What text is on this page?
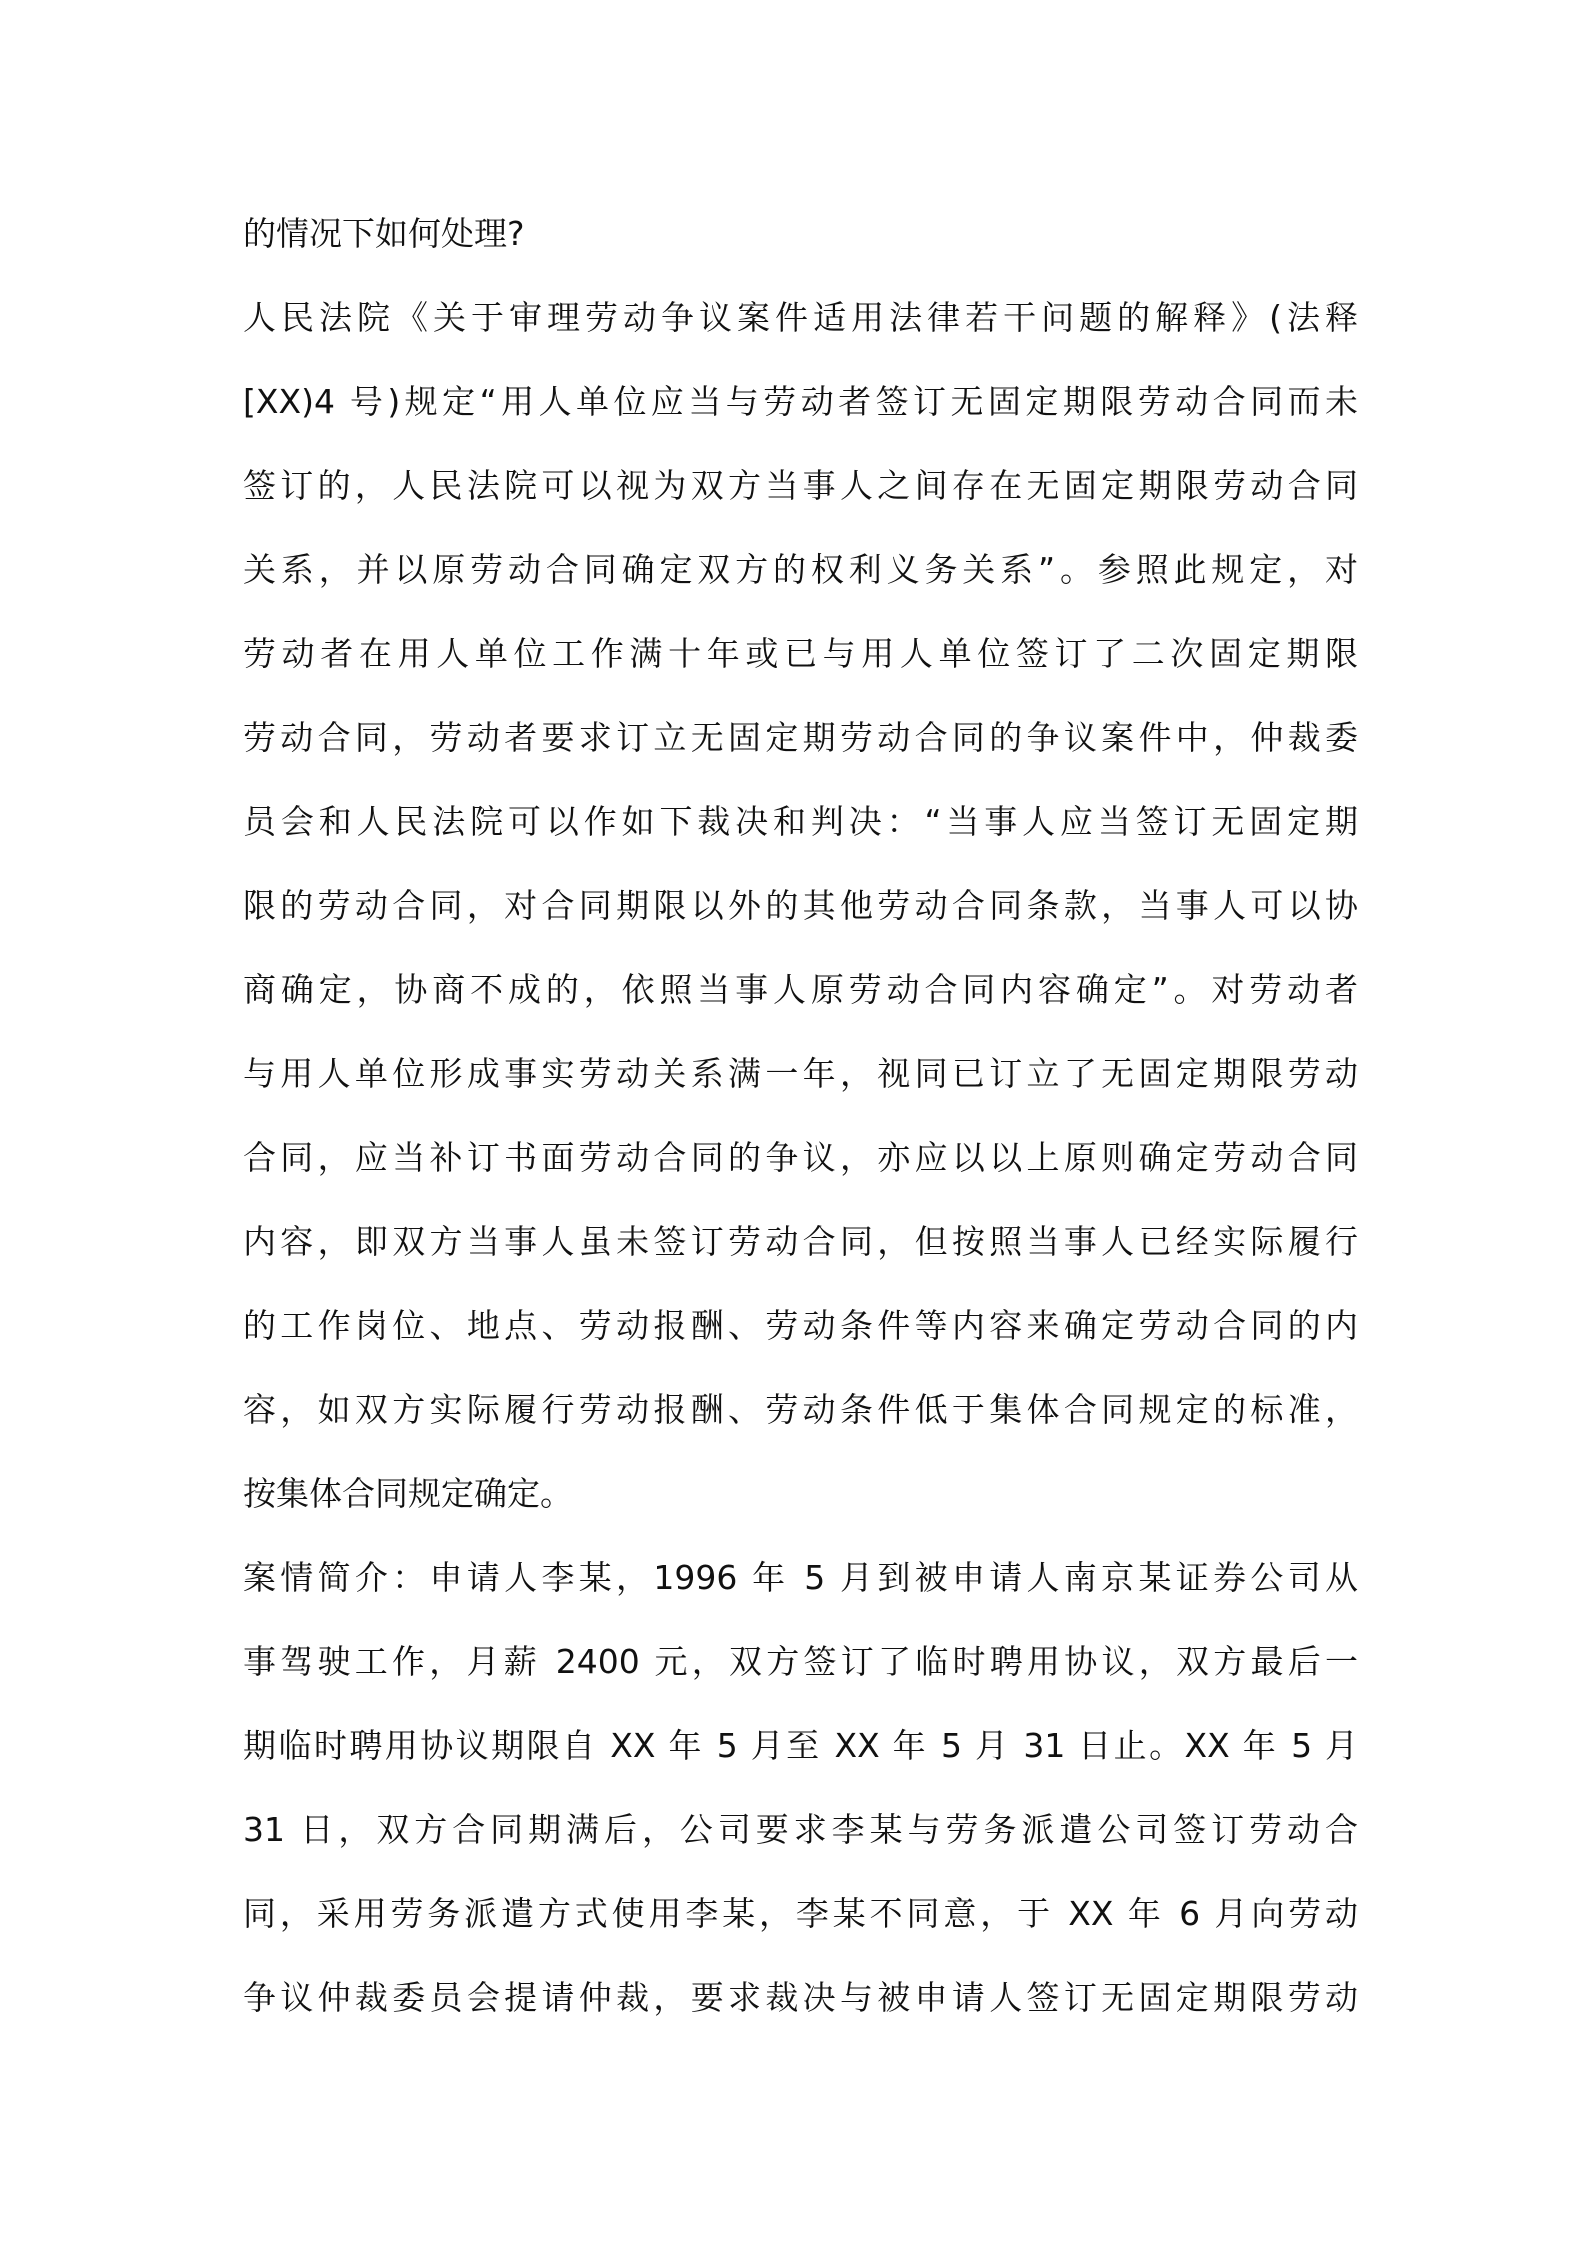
的情况下如何处理?
人民法院《关于审理劳动争议案件适用法律若干问题的解释》(法释
[XX)4 号)规定“用人单位应当与劳动者签订无固定期限劳动合同而未
签订的，人民法院可以视为双方当事人之间存在无固定期限劳动合同
关系，并以原劳动合同确定双方的权利义务关系”。参照此规定，对
劳动者在用人单位工作满十年或已与用人单位签订了二次固定期限
劳动合同，劳动者要求订立无固定期劳动合同的争议案件中，仲裁委
员会和人民法院可以作如下裁决和判决：“当事人应当签订无固定期
限的劳动合同，对合同期限以外的其他劳动合同条款，当事人可以协
商确定，协商不成的，依照当事人原劳动合同内容确定”。对劳动者
与用人单位形成事实劳动关系满一年，视同已订立了无固定期限劳动
合同，应当补订书面劳动合同的争议，亦应以以上原则确定劳动合同
内容，即双方当事人虽未签订劳动合同，但按照当事人已经实际履行
的工作岗位、地点、劳动报酬、劳动条件等内容来确定劳动合同的内
容，如双方实际履行劳动报酬、劳动条件低于集体合同规定的标准，
按集体合同规定确定。
案情简介：申请人李某，1996 年 5 月到被申请人南京某证券公司从
事驾驶工作，月薪 2400 元，双方签订了临时聘用协议，双方最后一
期临时聘用协议期限自 XX 年 5 月至 XX 年 5 月 31 日止。XX 年 5 月
31 日，双方合同期满后，公司要求李某与劳务派遣公司签订劳动合
同，采用劳务派遣方式使用李某，李某不同意，于 XX 年 6 月向劳动
争议仲裁委员会提请仲裁，要求裁决与被申请人签订无固定期限劳动
